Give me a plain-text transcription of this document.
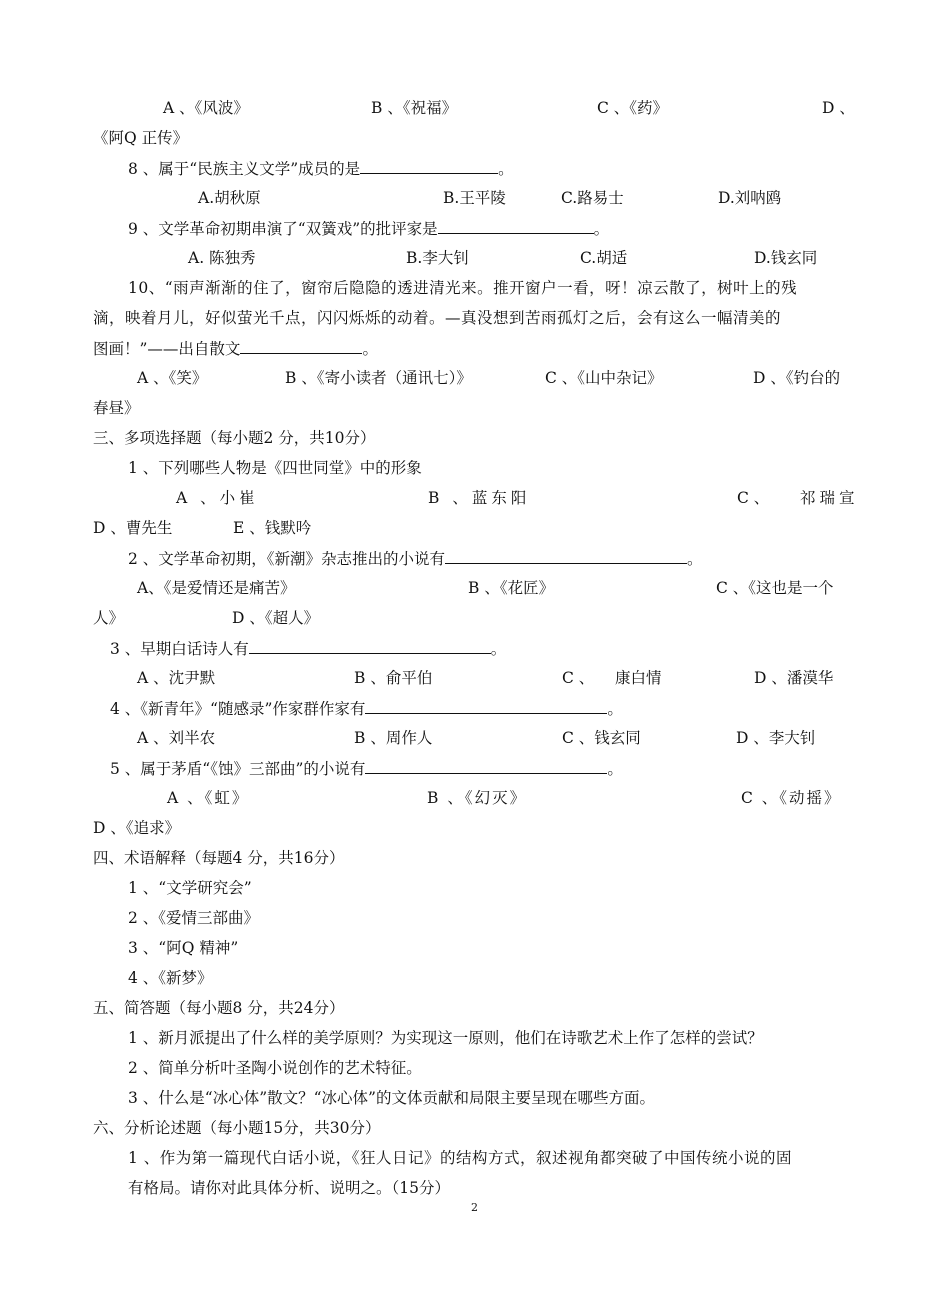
A 、《风波》	B 、《祝福》	C 、《药》	D 、
《阿Q 正传》
8 、属于“民族主义文学”成员的是	。
A.胡秋原	B.王平陵	C.路易士	D.刘呐鸥
9 、文学革命初期串演了“双簧戏”的批评家是	。
A. 陈独秀	B.李大钊	C.胡适	D.钱玄同
10、“雨声渐渐的住了，窗帘后隐隐的透进清光来。推开窗户一看，呀！凉云散了，树叶上的残
滴，映着月儿，好似萤光千点，闪闪烁烁的动着。—真没想到苦雨孤灯之后，会有这么一幅清美的
图画！”——出自散文	。
A 、《笑》	B 、《寄小读者（通讯七）》	C 、《山中杂记》	D 、《钓台的
春昼》
三、多项选择题（每小题2 分，共10分）
1 、下列哪些人物是《四世同堂》中的形象
A 、小崔	B 、蓝东阳	C 、 祁瑞宣
D 、曹先生	E 、钱默吟
2 、文学革命初期，《新潮》杂志推出的小说有	。
A、《是爱情还是痛苦》	B 、《花匠》	C 、《这也是一个
人》	D 、《超人》
3 、早期白话诗人有	。
A 、沈尹默	B 、俞平伯	C 、 康白情	D 、潘漠华
4 、《新青年》“随感录”作家群作家有	。
A 、刘半农	B 、周作人	C 、钱玄同	D 、李大钊
5 、属于茅盾“《蚀》三部曲”的小说有	。
A 、《虹》	B 、《幻灭》	C 、《动摇》
D 、《追求》
四、术语解释（每题4 分，共16分）
1 、“文学研究会”
2 、《爱情三部曲》
3 、“阿Q 精神”
4 、《新梦》
五、简答题（每小题8 分，共24分）
1 、新月派提出了什么样的美学原则？为实现这一原则，他们在诗歌艺术上作了怎样的尝试？
2 、简单分析叶圣陶小说创作的艺术特征。
3 、什么是“冰心体”散文？“冰心体”的文体贡献和局限主要呈现在哪些方面。
六、分析论述题（每小题15分，共30分）
1 、作为第一篇现代白话小说，《狂人日记》的结构方式，叙述视角都突破了中国传统小说的固
有格局。请你对此具体分析、说明之。（15分）
2
